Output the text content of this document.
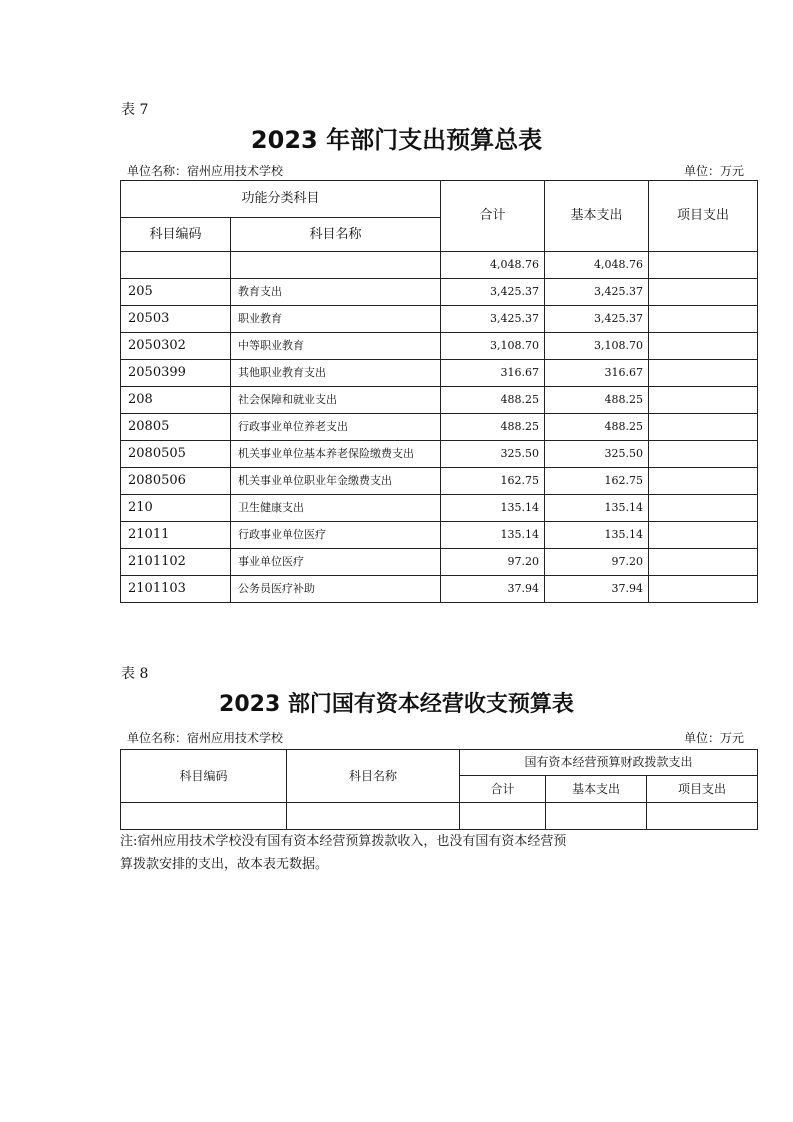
表 7
2023 年部门支出预算总表
单位名称：宿州应用技术学校	单位：万元
功能分类科目		合计	基本支出	项目支出
科目编码	科目名称			
		4,048.76	4,048.76	
205	教育支出	3,425.37	3,425.37	
20503	职业教育	3,425.37	3,425.37	
2050302	中等职业教育	3,108.70	3,108.70	
2050399	其他职业教育支出	316.67	316.67	
208	社会保障和就业支出	488.25	488.25	
20805	行政事业单位养老支出	488.25	488.25	
2080505	机关事业单位基本养老保险缴费支出	325.50	325.50	
2080506	机关事业单位职业年金缴费支出	162.75	162.75	
210	卫生健康支出	135.14	135.14	
21011	行政事业单位医疗	135.14	135.14	
2101102	事业单位医疗	97.20	97.20	
2101103	公务员医疗补助	37.94	37.94	
表 8
2023 部门国有资本经营收支预算表
单位名称：宿州应用技术学校	单位：万元
科目编码	科目名称	国有资本经营预算财政拨款支出		
		合计	基本支出	项目支出

注:宿州应用技术学校没有国有资本经营预算拨款收入，也没有国有资本经营预
算拨款安排的支出，故本表无数据。
